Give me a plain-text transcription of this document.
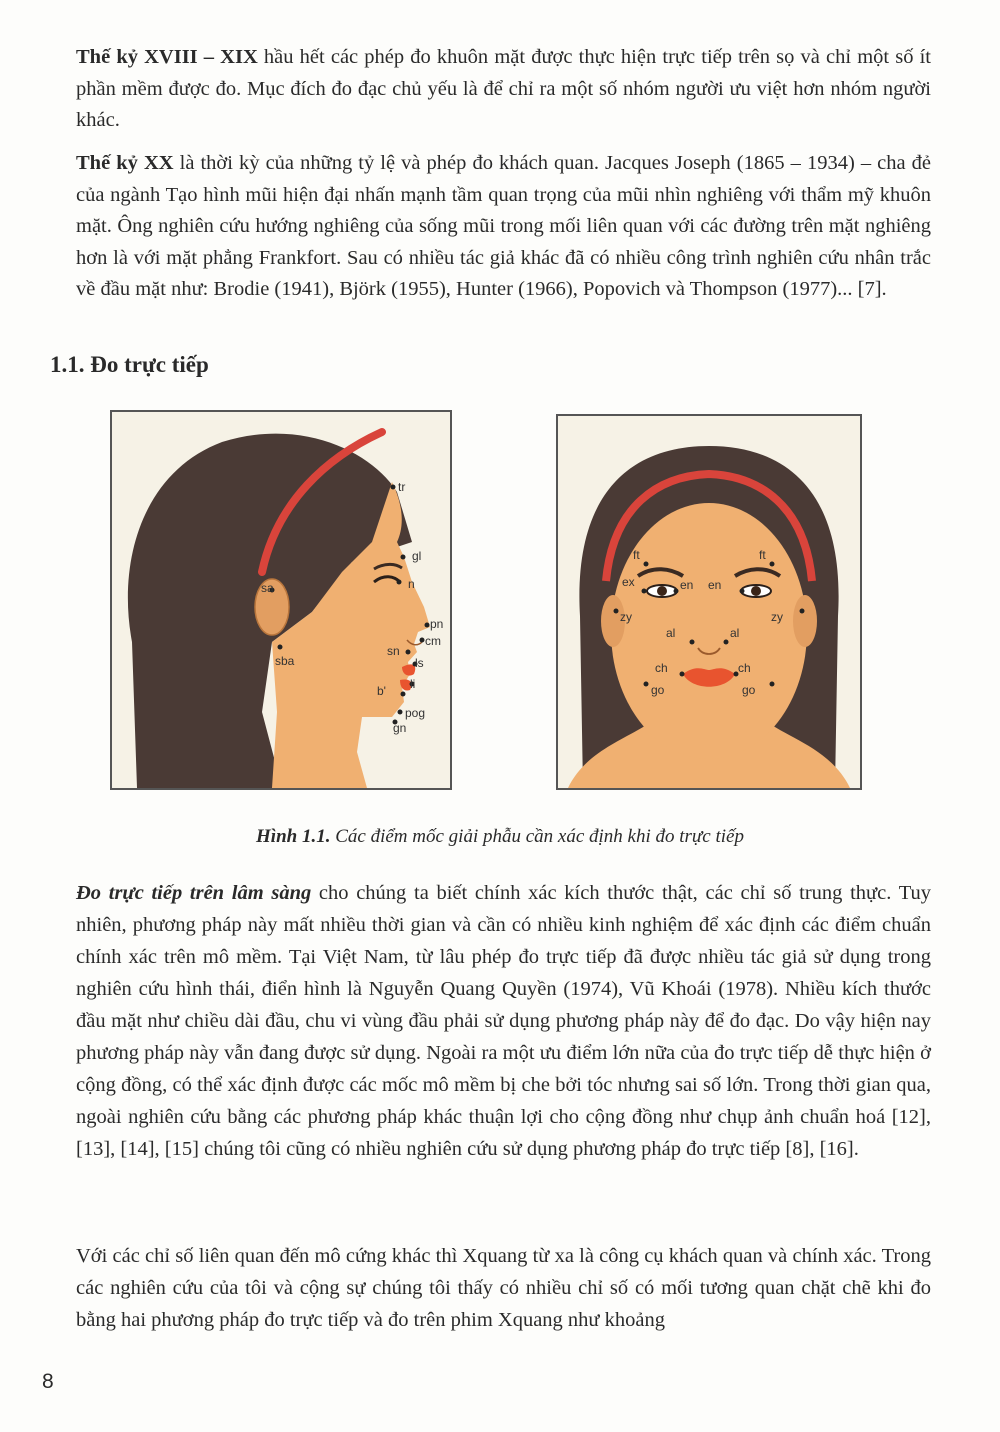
Thế kỷ XVIII – XIX hầu hết các phép đo khuôn mặt được thực hiện trực tiếp trên sọ và chỉ một số ít phần mềm được đo. Mục đích đo đạc chủ yếu là để chỉ ra một số nhóm người ưu việt hơn nhóm người khác.

Thế kỷ XX là thời kỳ của những tỷ lệ và phép đo khách quan. Jacques Joseph (1865 – 1934) – cha đẻ của ngành Tạo hình mũi hiện đại nhấn mạnh tầm quan trọng của mũi nhìn nghiêng với thẩm mỹ khuôn mặt. Ông nghiên cứu hướng nghiêng của sống mũi trong mối liên quan với các đường trên mặt nghiêng hơn là với mặt phẳng Frankfort. Sau có nhiều tác giả khác đã có nhiều công trình nghiên cứu nhân trắc về đầu mặt như: Brodie (1941), Björk (1955), Hunter (1966), Popovich và Thompson (1977)... [7].

1.1. Đo trực tiếp
tr
gl
n
sa
sba
pn
cm
sn
ls
li
b'
pog
gn
ft	ft
ex	en en
zy	zy
al	al
ch	ch
go	go
Hình 1.1. Các điểm mốc giải phẫu cần xác định khi đo trực tiếp

Đo trực tiếp trên lâm sàng cho chúng ta biết chính xác kích thước thật, các chỉ số trung thực. Tuy nhiên, phương pháp này mất nhiều thời gian và cần có nhiều kinh nghiệm để xác định các điểm chuẩn chính xác trên mô mềm. Tại Việt Nam, từ lâu phép đo trực tiếp đã được nhiều tác giả sử dụng trong nghiên cứu hình thái, điển hình là Nguyễn Quang Quyền (1974), Vũ Khoái (1978). Nhiều kích thước đầu mặt như chiều dài đầu, chu vi vùng đầu phải sử dụng phương pháp này để đo đạc. Do vậy hiện nay phương pháp này vẫn đang được sử dụng. Ngoài ra một ưu điểm lớn nữa của đo trực tiếp dễ thực hiện ở cộng đồng, có thể xác định được các mốc mô mềm bị che bởi tóc nhưng sai số lớn. Trong thời gian qua, ngoài nghiên cứu bằng các phương pháp khác thuận lợi cho cộng đồng như chụp ảnh chuẩn hoá [12], [13], [14], [15] chúng tôi cũng có nhiều nghiên cứu sử dụng phương pháp đo trực tiếp [8], [16].

Với các chỉ số liên quan đến mô cứng khác thì Xquang từ xa là công cụ khách quan và chính xác. Trong các nghiên cứu của tôi và cộng sự chúng tôi thấy có nhiều chỉ số có mối tương quan chặt chẽ khi đo bằng hai phương pháp đo trực tiếp và đo trên phim Xquang như khoảng

8
